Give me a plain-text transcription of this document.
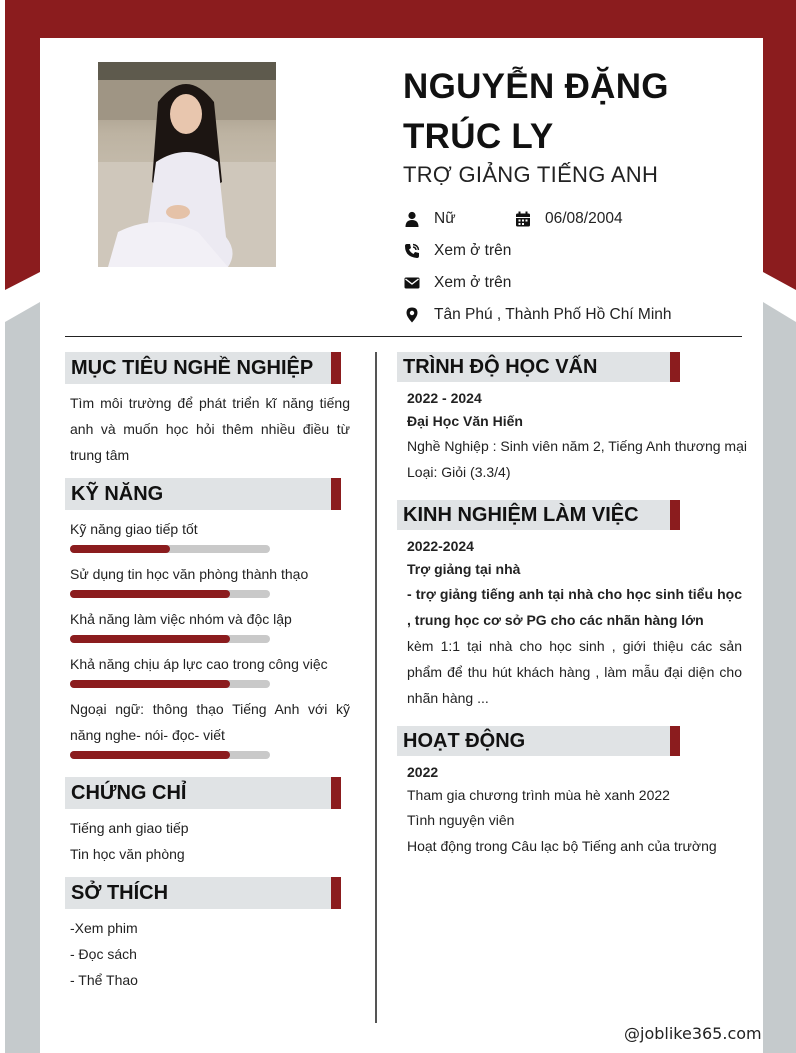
NGUYỄN ĐẶNG TRÚC LY
TRỢ GIẢNG TIẾNG ANH
Nữ	06/08/2004
Xem ở trên
Xem ở trên
Tân Phú , Thành Phố Hồ Chí Minh
MỤC TIÊU NGHỀ NGHIỆP
Tìm môi trường để phát triển kĩ năng tiếng anh và muốn học hỏi thêm nhiều điều từ trung tâm
KỸ NĂNG
Kỹ năng giao tiếp tốt
Sử dụng tin học văn phòng thành thạo
Khả năng làm việc nhóm và độc lập
Khả năng chịu áp lực cao trong công việc
Ngoại ngữ: thông thạo Tiếng Anh với kỹ năng nghe- nói- đọc- viết
CHỨNG CHỈ
Tiếng anh giao tiếp
Tin học văn phòng
SỞ THÍCH
-Xem phim
- Đọc sách
- Thể Thao
TRÌNH ĐỘ HỌC VẤN
2022 - 2024
Đại Học Văn Hiến
Nghề Nghiệp : Sinh viên năm 2, Tiếng Anh thương mại
Loại: Giỏi (3.3/4)
KINH NGHIỆM LÀM VIỆC
2022-2024
Trợ giảng tại nhà
- trợ giảng tiếng anh tại nhà cho học sinh tiểu học , trung học cơ sở PG cho các nhãn hàng lớn
kèm 1:1 tại nhà cho học sinh , giới thiệu các sản phẩm để thu hút khách hàng , làm mẫu đại diện cho nhãn hàng ...
HOẠT ĐỘNG
2022
Tham gia chương trình mùa hè xanh 2022
Tình nguyện viên
Hoạt động trong Câu lạc bộ Tiếng anh của trường
@joblike365.com
